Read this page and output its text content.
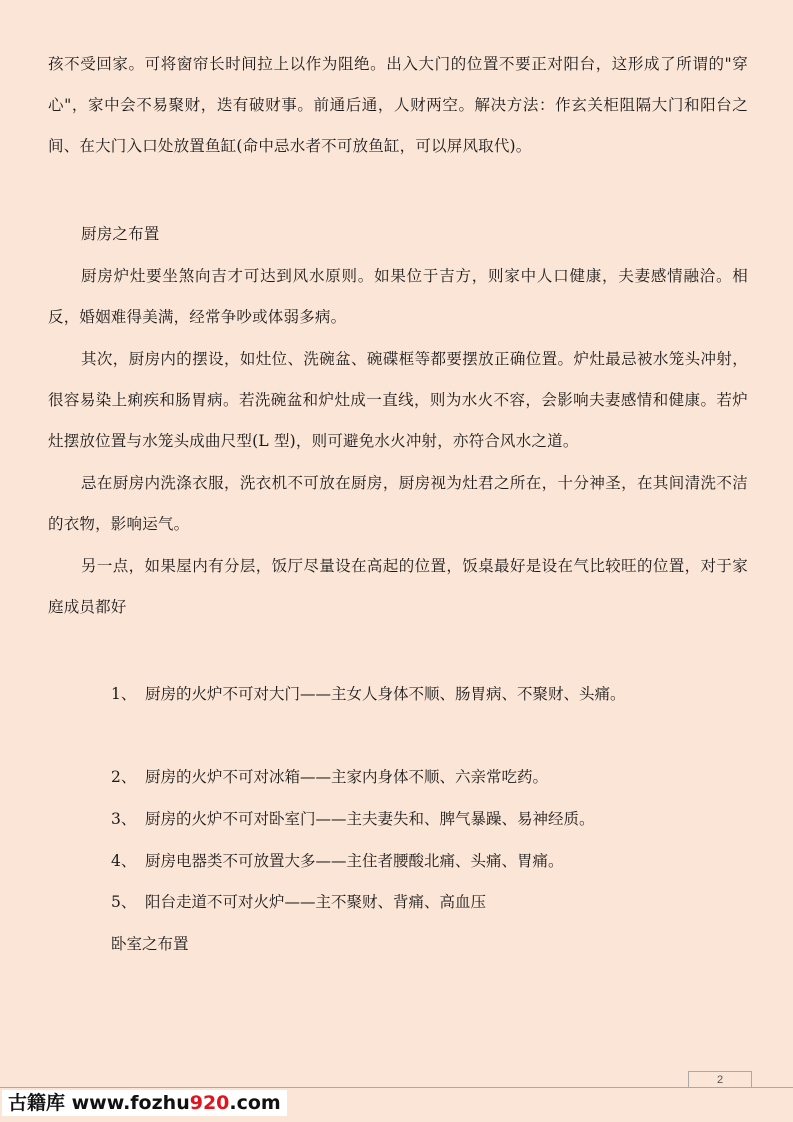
孩不受回家。可将窗帘长时间拉上以作为阻绝。出入大门的位置不要正对阳台，这形成了所谓的"穿心"，家中会不易聚财，迭有破财事。前通后通，人财两空。解决方法：作玄关柜阻隔大门和阳台之间、在大门入口处放置鱼缸(命中忌水者不可放鱼缸，可以屏风取代)。

厨房之布置

厨房炉灶要坐煞向吉才可达到风水原则。如果位于吉方，则家中人口健康，夫妻感情融洽。相反，婚姻难得美满，经常争吵或体弱多病。

其次，厨房内的摆设，如灶位、洗碗盆、碗碟框等都要摆放正确位置。炉灶最忌被水笼头冲射，很容易染上痢疾和肠胃病。若洗碗盆和炉灶成一直线，则为水火不容，会影响夫妻感情和健康。若炉灶摆放位置与水笼头成曲尺型(L 型)，则可避免水火冲射，亦符合风水之道。

忌在厨房内洗涤衣服，洗衣机不可放在厨房，厨房视为灶君之所在，十分神圣，在其间清洗不洁的衣物，影响运气。

另一点，如果屋内有分层，饭厅尽量设在高起的位置，饭桌最好是设在气比较旺的位置，对于家庭成员都好

1、 厨房的火炉不可对大门——主女人身体不顺、肠胃病、不聚财、头痛。
2、 厨房的火炉不可对冰箱——主家内身体不顺、六亲常吃药。
3、 厨房的火炉不可对卧室门——主夫妻失和、脾气暴躁、易神经质。
4、 厨房电器类不可放置大多——主住者腰酸北痛、头痛、胃痛。
5、 阳台走道不可对火炉——主不聚财、背痛、高血压
卧室之布置
2
古籍库 www.fozhu920.com
